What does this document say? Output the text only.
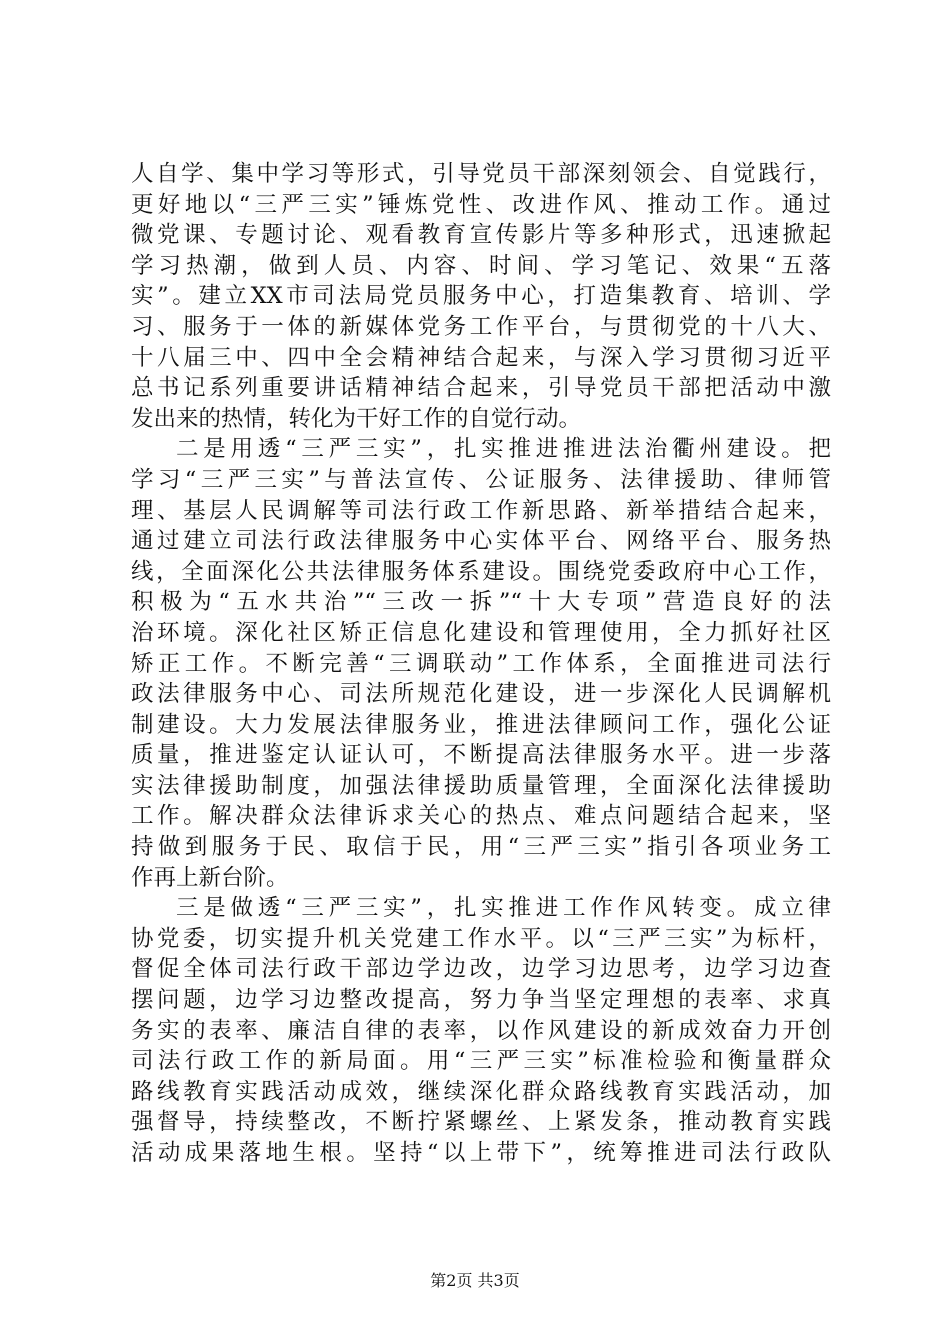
人自学、集中学习等形式，引导党员干部深刻领会、自觉践行，
更好地以“三严三实”锤炼党性、改进作风、推动工作。通过
微党课、专题讨论、观看教育宣传影片等多种形式，迅速掀起
学习热潮，做到人员、内容、时间、学习笔记、效果“五落
实”。建立XX市司法局党员服务中心，打造集教育、培训、学
习、服务于一体的新媒体党务工作平台，与贯彻党的十八大、
十八届三中、四中全会精神结合起来，与深入学习贯彻习近平
总书记系列重要讲话精神结合起来，引导党员干部把活动中激
发出来的热情，转化为干好工作的自觉行动。
二是用透“三严三实”，扎实推进推进法治衢州建设。把
学习“三严三实”与普法宣传、公证服务、法律援助、律师管
理、基层人民调解等司法行政工作新思路、新举措结合起来，
通过建立司法行政法律服务中心实体平台、网络平台、服务热
线，全面深化公共法律服务体系建设。围绕党委政府中心工作，
积极为“五水共治”“三改一拆”“十大专项”营造良好的法
治环境。深化社区矫正信息化建设和管理使用，全力抓好社区
矫正工作。不断完善“三调联动”工作体系，全面推进司法行
政法律服务中心、司法所规范化建设，进一步深化人民调解机
制建设。大力发展法律服务业，推进法律顾问工作，强化公证
质量，推进鉴定认证认可，不断提高法律服务水平。进一步落
实法律援助制度，加强法律援助质量管理，全面深化法律援助
工作。解决群众法律诉求关心的热点、难点问题结合起来，坚
持做到服务于民、取信于民，用“三严三实”指引各项业务工
作再上新台阶。
三是做透“三严三实”，扎实推进工作作风转变。成立律
协党委，切实提升机关党建工作水平。以“三严三实”为标杆，
督促全体司法行政干部边学边改，边学习边思考，边学习边查
摆问题，边学习边整改提高，努力争当坚定理想的表率、求真
务实的表率、廉洁自律的表率，以作风建设的新成效奋力开创
司法行政工作的新局面。用“三严三实”标准检验和衡量群众
路线教育实践活动成效，继续深化群众路线教育实践活动，加
强督导，持续整改，不断拧紧螺丝、上紧发条，推动教育实践
活动成果落地生根。坚持“以上带下”，统筹推进司法行政队
第2页 共3页
